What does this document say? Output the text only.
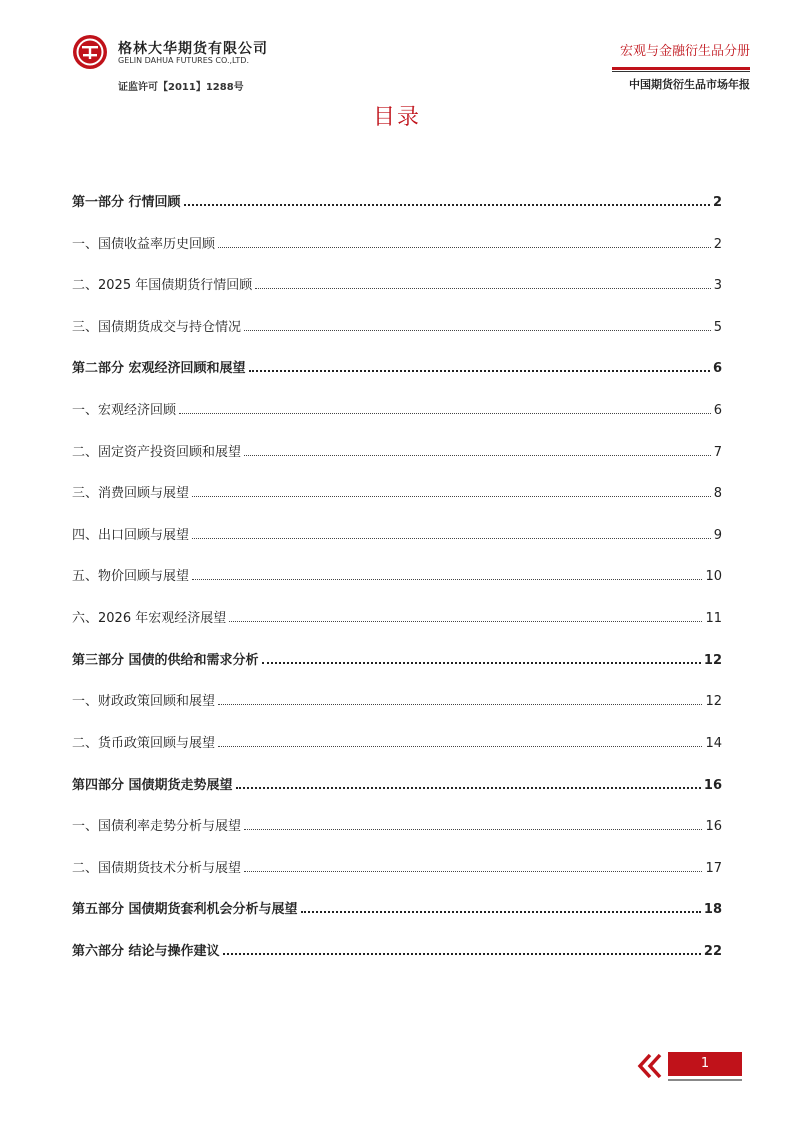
格林大华期货有限公司
GELIN DAHUA FUTURES CO.,LTD.
证监许可【2011】1288号
宏观与金融衍生品分册
中国期货衍生品市场年报
目录
第一部分 行情回顾	2
一、国债收益率历史回顾	2
二、2025 年国债期货行情回顾	3
三、国债期货成交与持仓情况	5
第二部分 宏观经济回顾和展望	6
一、宏观经济回顾	6
二、固定资产投资回顾和展望	7
三、消费回顾与展望	8
四、出口回顾与展望	9
五、物价回顾与展望	10
六、2026 年宏观经济展望	11
第三部分 国债的供给和需求分析	12
一、财政政策回顾和展望	12
二、货币政策回顾与展望	14
第四部分 国债期货走势展望	16
一、国债利率走势分析与展望	16
二、国债期货技术分析与展望	17
第五部分 国债期货套利机会分析与展望	18
第六部分 结论与操作建议	22
1
